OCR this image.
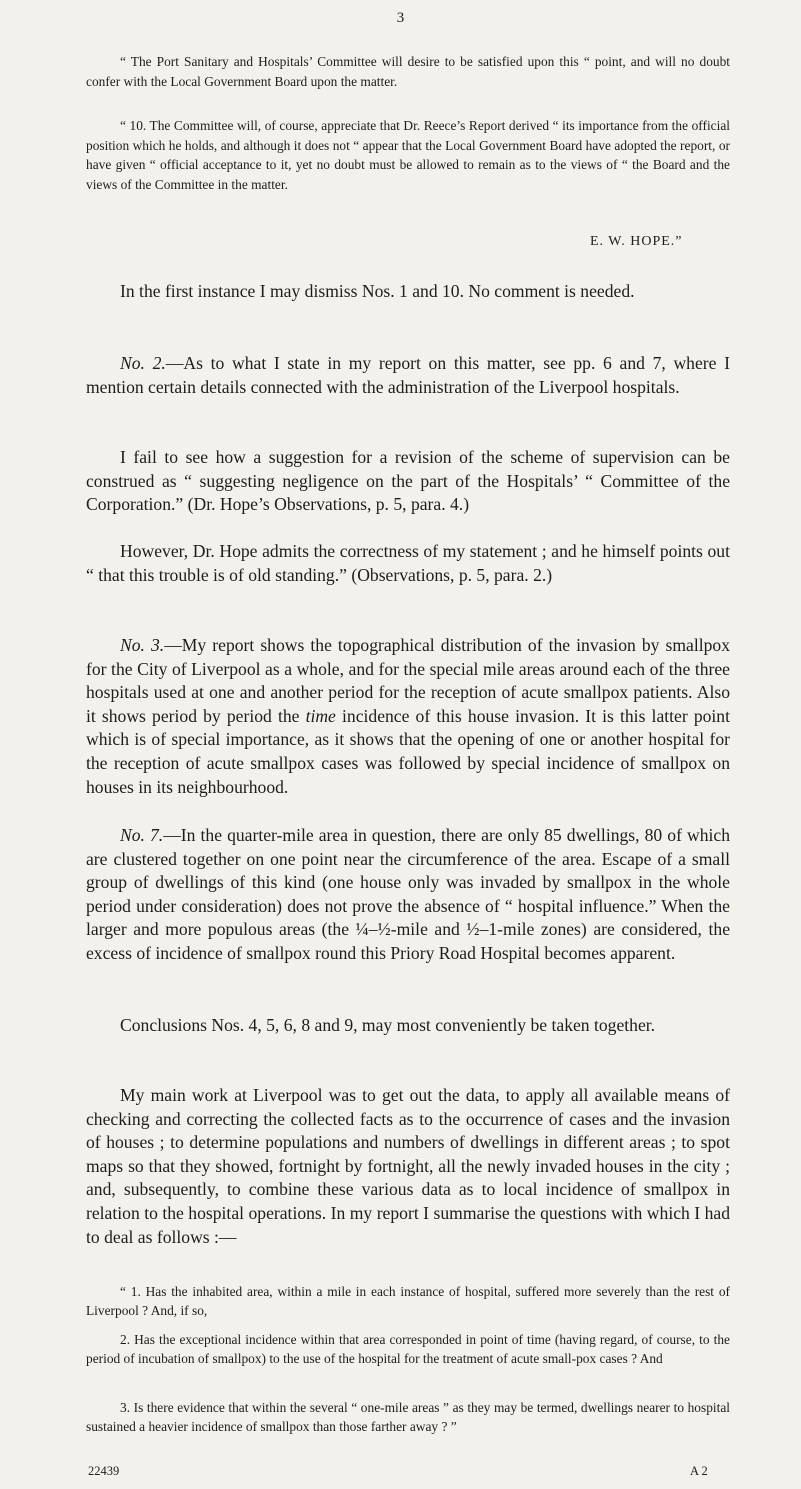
3
“ The Port Sanitary and Hospitals’ Committee will desire to be satisfied upon this “ point, and will no doubt confer with the Local Government Board upon the matter.
“ 10. The Committee will, of course, appreciate that Dr. Reece’s Report derived “ its importance from the official position which he holds, and although it does not “ appear that the Local Government Board have adopted the report, or have given “ official acceptance to it, yet no doubt must be allowed to remain as to the views of “ the Board and the views of the Committee in the matter.
E. W. HOPE.”

In the first instance I may dismiss Nos. 1 and 10. No comment is needed.

No. 2.—As to what I state in my report on this matter, see pp. 6 and 7, where I mention certain details connected with the administration of the Liverpool hospitals.

I fail to see how a suggestion for a revision of the scheme of supervision can be construed as “ suggesting negligence on the part of the Hospitals’ “ Committee of the Corporation.” (Dr. Hope’s Observations, p. 5, para. 4.)

However, Dr. Hope admits the correctness of my statement ; and he himself points out “ that this trouble is of old standing.” (Observations, p. 5, para. 2.)

No. 3.—My report shows the topographical distribution of the invasion by smallpox for the City of Liverpool as a whole, and for the special mile areas around each of the three hospitals used at one and another period for the reception of acute smallpox patients. Also it shows period by period the time incidence of this house invasion. It is this latter point which is of special importance, as it shows that the opening of one or another hospital for the reception of acute smallpox cases was followed by special incidence of smallpox on houses in its neighbourhood.

No. 7.—In the quarter-mile area in question, there are only 85 dwellings, 80 of which are clustered together on one point near the circumference of the area. Escape of a small group of dwellings of this kind (one house only was invaded by smallpox in the whole period under consideration) does not prove the absence of “ hospital influence.” When the larger and more populous areas (the ¼–½-mile and ½–1-mile zones) are considered, the excess of incidence of smallpox round this Priory Road Hospital becomes apparent.

Conclusions Nos. 4, 5, 6, 8 and 9, may most conveniently be taken together.

My main work at Liverpool was to get out the data, to apply all available means of checking and correcting the collected facts as to the occurrence of cases and the invasion of houses ; to determine populations and numbers of dwellings in different areas ; to spot maps so that they showed, fortnight by fortnight, all the newly invaded houses in the city ; and, subsequently, to combine these various data as to local incidence of smallpox in relation to the hospital operations. In my report I summarise the questions with which I had to deal as follows :—

“ 1. Has the inhabited area, within a mile in each instance of hospital, suffered more severely than the rest of Liverpool ? And, if so,
2. Has the exceptional incidence within that area corresponded in point of time (having regard, of course, to the period of incubation of smallpox) to the use of the hospital for the treatment of acute small-pox cases ? And
3. Is there evidence that within the several “ one-mile areas ” as they may be termed, dwellings nearer to hospital sustained a heavier incidence of smallpox than those farther away ? ”
22439	A 2
